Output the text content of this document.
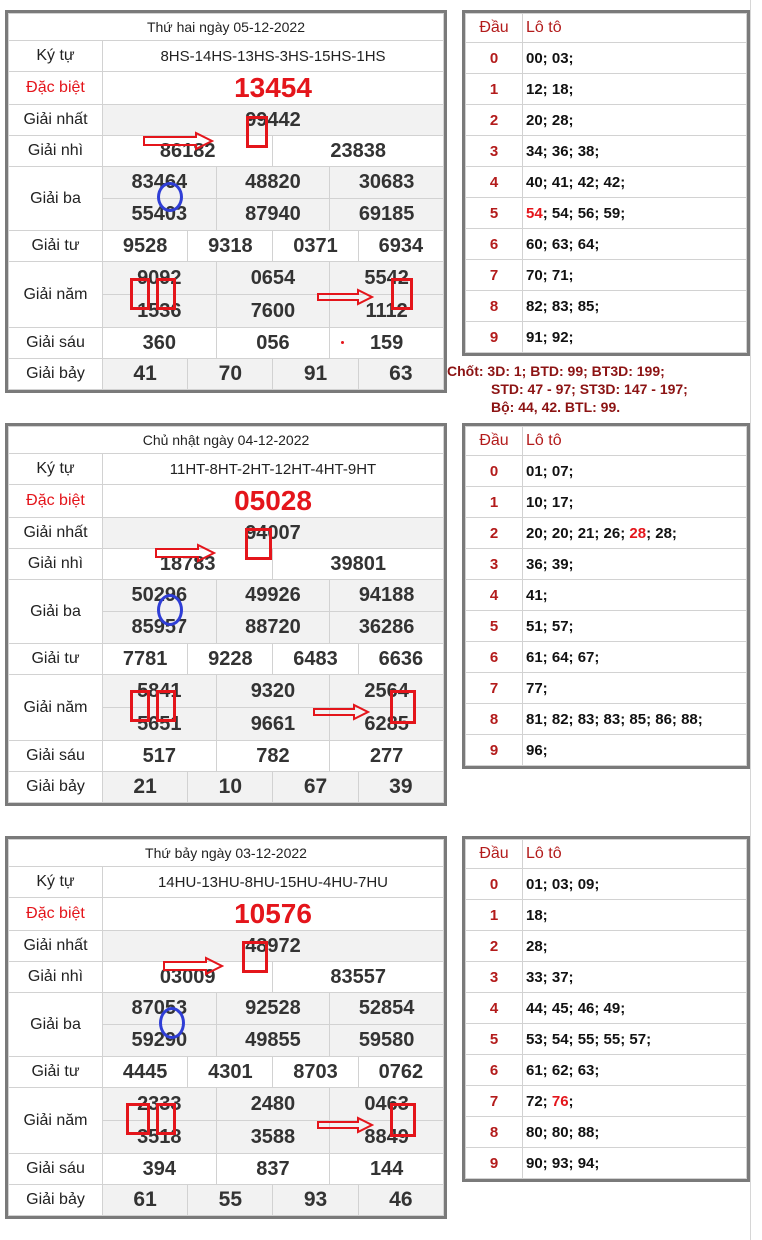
Thứ hai ngày 05-12-2022						
Ký tự	8HS-14HS-13HS-3HS-15HS-1HS					
Đặc biệt	13454					
Giải nhất	99442					
Giải nhì	86182			23838		
Giải ba	83464		48820		30683	
	55403		87940		69185	
Giải tư	9528	9318		0371		6934
Giải năm	9092		0654		5542	
	1536		7600		1112	
Giải sáu	360		056		159	
Giải bảy	41	70		91		63
Chủ nhật ngày 04-12-2022						
Ký tự	11HT-8HT-2HT-12HT-4HT-9HT					
Đặc biệt	05028					
Giải nhất	94007					
Giải nhì	18783			39801		
Giải ba	50296		49926		94188	
	85957		88720		36286	
Giải tư	7781	9228		6483		6636
Giải năm	5841		9320		2564	
	5651		9661		6285	
Giải sáu	517		782		277	
Giải bảy	21	10		67		39
Thứ bảy ngày 03-12-2022						
Ký tự	14HU-13HU-8HU-15HU-4HU-7HU					
Đặc biệt	10576					
Giải nhất	48972					
Giải nhì	03009			83557		
Giải ba	87053		92528		52854	
	59290		49855		59580	
Giải tư	4445	4301		8703		0762
Giải năm	2333		2480		0463	
	3518		3588		8849	
Giải sáu	394		837		144	
Giải bảy	61	55		93		46
Đầu	Lô tô
0	00; 03;
1	12; 18;
2	20; 28;
3	34; 36; 38;
4	40; 41; 42; 42;
5	54; 54; 56; 59;
6	60; 63; 64;
7	70; 71;
8	82; 83; 85;
9	91; 92;
Đầu	Lô tô
0	01; 07;
1	10; 17;
2	20; 20; 21; 26; 28; 28;
3	36; 39;
4	41;
5	51; 57;
6	61; 64; 67;
7	77;
8	81; 82; 83; 83; 85; 86; 88;
9	96;
Đầu	Lô tô
0	01; 03; 09;
1	18;
2	28;
3	33; 37;
4	44; 45; 46; 49;
5	53; 54; 55; 55; 57;
6	61; 62; 63;
7	72; 76;
8	80; 80; 88;
9	90; 93; 94;
Chốt: 3D: 1; BTD: 99; BT3D: 199;
STD: 47 - 97; ST3D: 147 - 197;
Bộ: 44, 42. BTL: 99.
